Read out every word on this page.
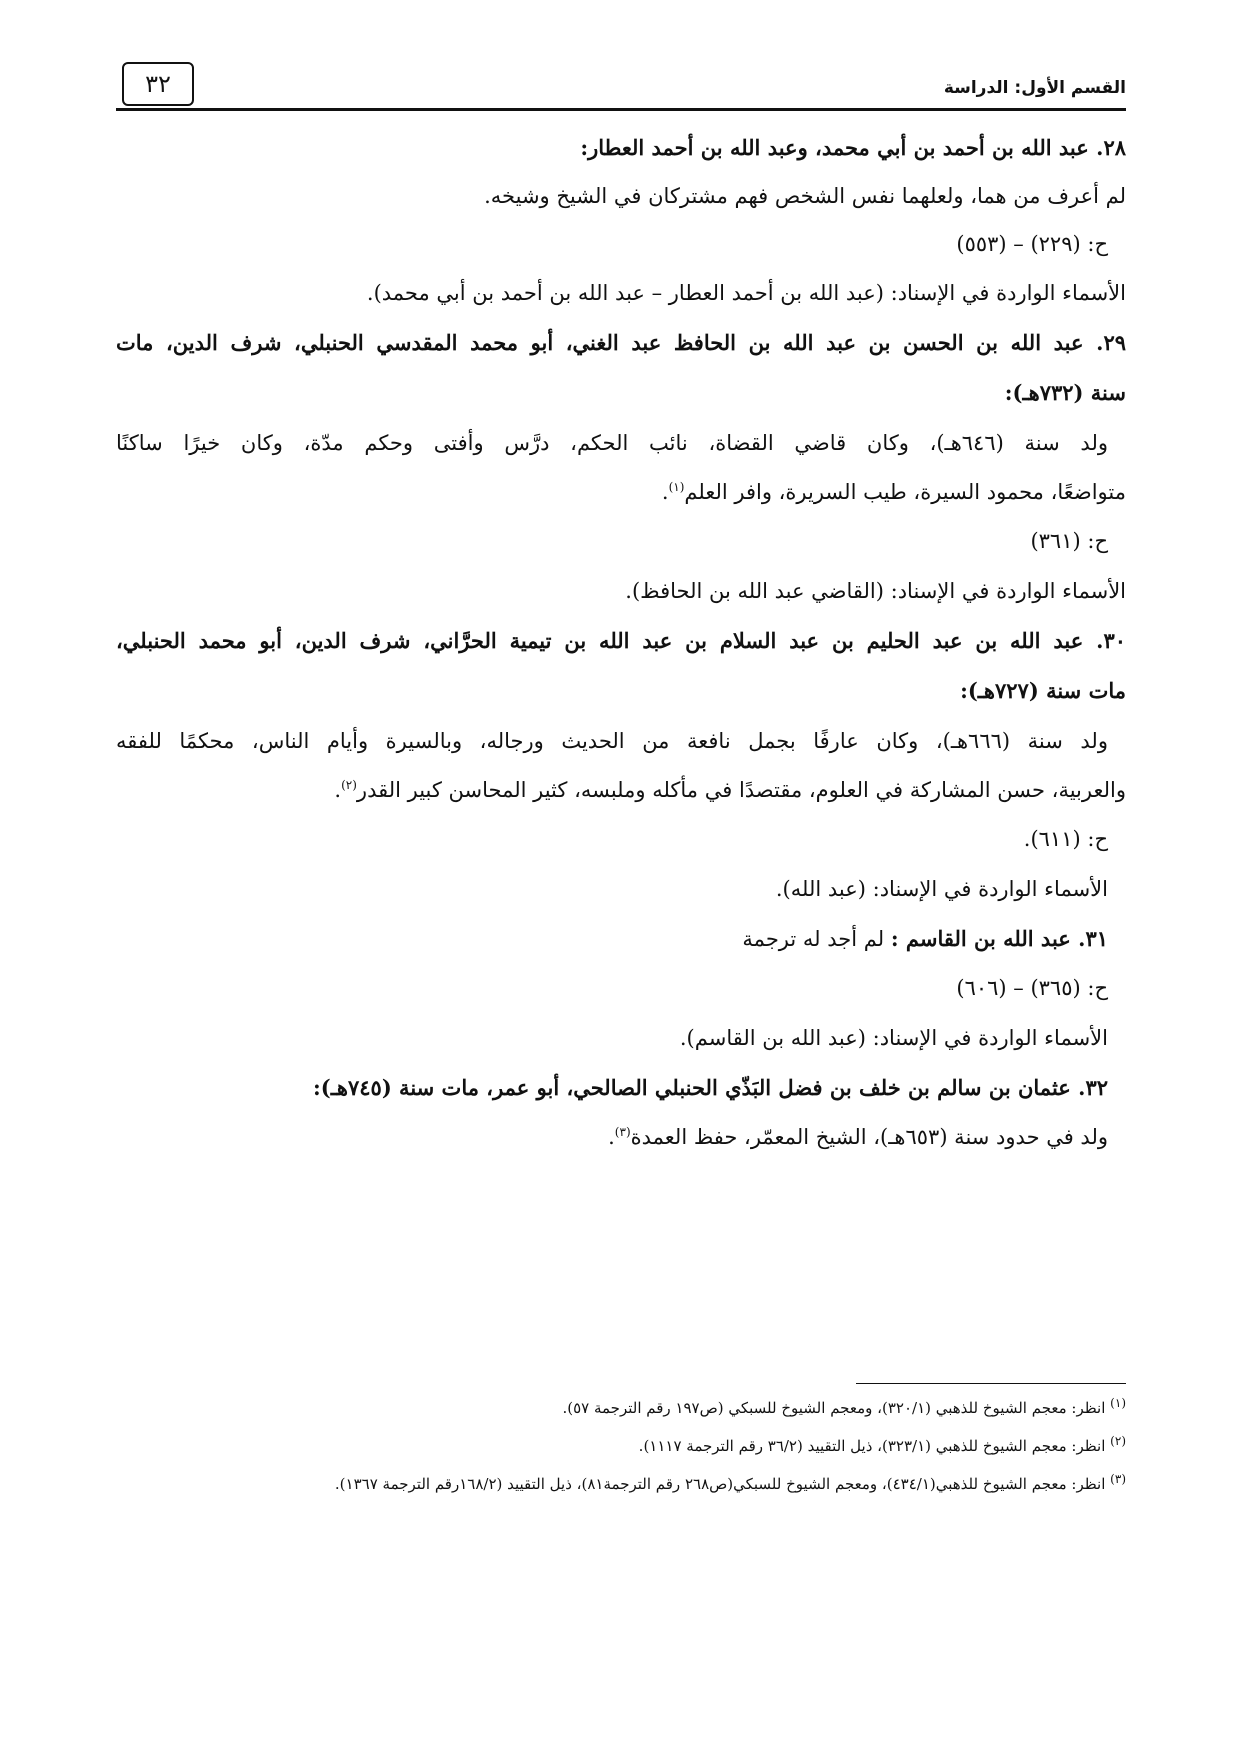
القسم الأول: الدراسة
٣٢
٢٨. عبد الله بن أحمد بن أبي محمد، وعبد الله بن أحمد العطار:
لم أعرف من هما، ولعلهما نفس الشخص فهم مشتركان في الشيخ وشيخه.
ح: (٢٢٩) – (٥٥٣)
الأسماء الواردة في الإسناد: (عبد الله بن أحمد العطار – عبد الله بن أحمد بن أبي محمد).
٢٩. عبد الله بن الحسن بن عبد الله بن الحافظ عبد الغني، أبو محمد المقدسي الحنبلي، شرف الدين، مات
سنة (٧٣٢هـ):
ولد سنة (٦٤٦هـ)، وكان قاضي القضاة، نائب الحكم، درَّس وأفتى وحكم مدّة، وكان خيرًا ساكنًا
متواضعًا، محمود السيرة، طيب السريرة، وافر العلم$^{(١)}$.
ح: (٣٦١)
الأسماء الواردة في الإسناد: (القاضي عبد الله بن الحافظ).
٣٠. عبد الله بن عبد الحليم بن عبد السلام بن عبد الله بن تيمية الحرَّاني، شرف الدين، أبو محمد الحنبلي،
مات سنة (٧٢٧هـ):
ولد سنة (٦٦٦هـ)، وكان عارفًا بجمل نافعة من الحديث ورجاله، وبالسيرة وأيام الناس، محكمًا للفقه
والعربية، حسن المشاركة في العلوم، مقتصدًا في مأكله وملبسه، كثير المحاسن كبير القدر$^{(٢)}$.
ح: (٦١١).
الأسماء الواردة في الإسناد: (عبد الله).
٣١. عبد الله بن القاسم : لم أجد له ترجمة
ح: (٣٦٥) – (٦٠٦)
الأسماء الواردة في الإسناد: (عبد الله بن القاسم).
٣٢. عثمان بن سالم بن خلف بن فضل البَذّي الحنبلي الصالحي، أبو عمر، مات سنة (٧٤٥هـ):
ولد في حدود سنة (٦٥٣هـ)، الشيخ المعمّر، حفظ العمدة$^{(٣)}$.
$^{(١)}$ انظر: معجم الشيوخ للذهبي (٣٢٠/١)، ومعجم الشيوخ للسبكي (ص١٩٧ رقم الترجمة ٥٧).
$^{(٢)}$ انظر: معجم الشيوخ للذهبي (٣٢٣/١)، ذيل التقييد (٣٦/٢ رقم الترجمة ١١١٧).
$^{(٣)}$ انظر: معجم الشيوخ للذهبي(٤٣٤/١)، ومعجم الشيوخ للسبكي(ص٢٦٨ رقم الترجمة٨١)، ذيل التقييد (١٦٨/٢رقم الترجمة ١٣٦٧).
